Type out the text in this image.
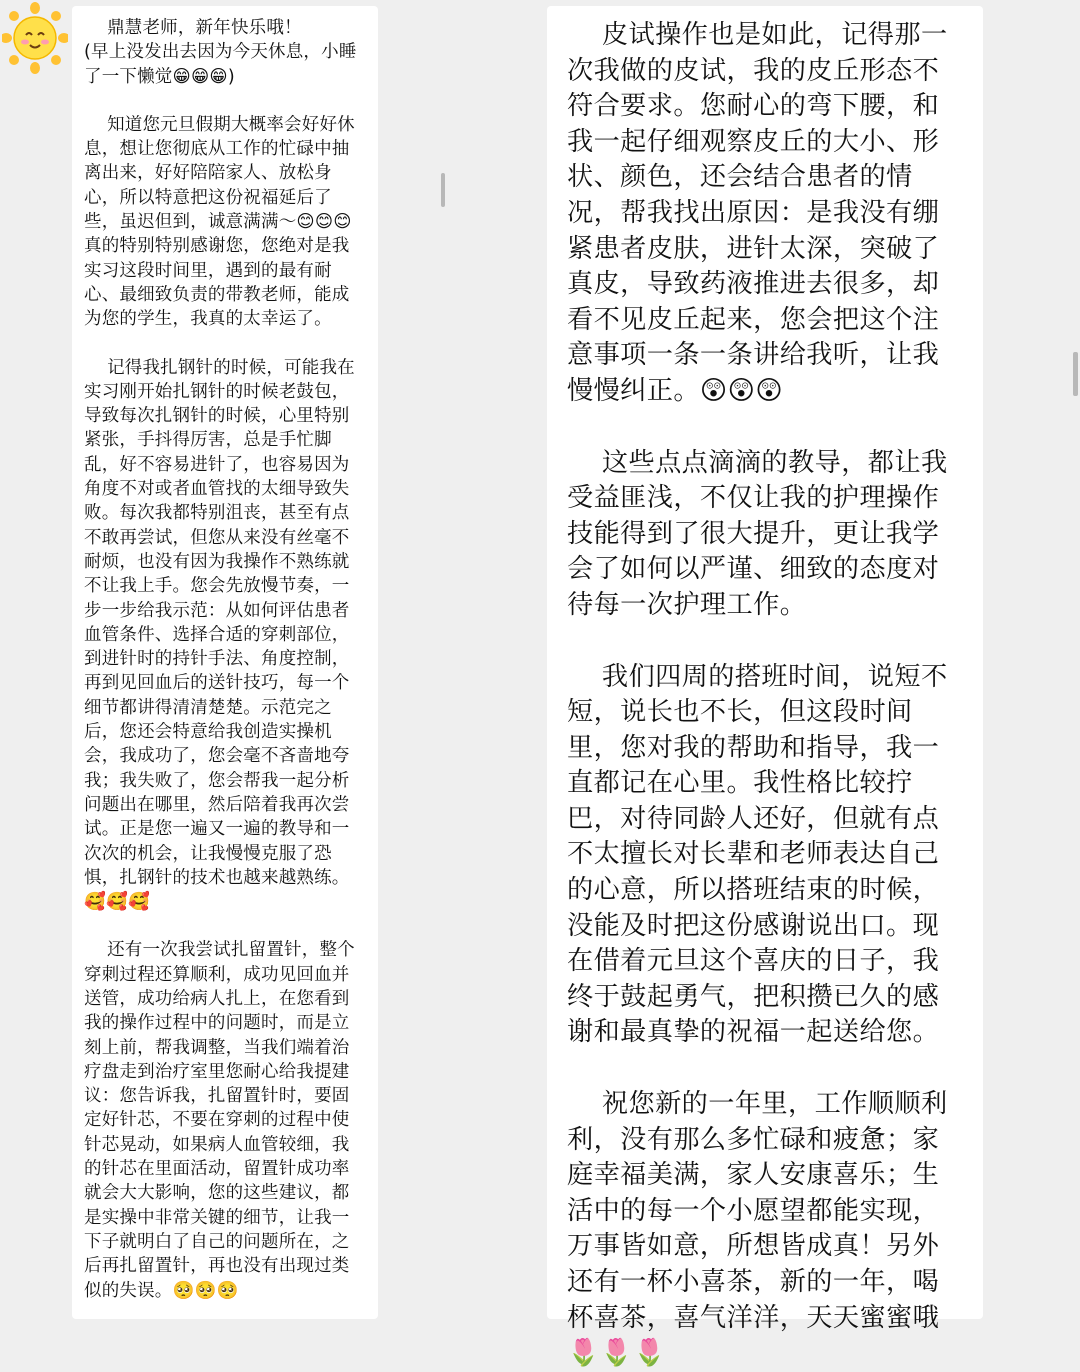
鼎慧老师，新年快乐哦！
(早上没发出去因为今天休息，小睡了一下懒觉😁😁😁)

知道您元旦假期大概率会好好休息，想让您彻底从工作的忙碌中抽离出来，好好陪陪家人、放松身心，所以特意把这份祝福延后了些，虽迟但到，诚意满满～😊😊😊 真的特别特别感谢您，您绝对是我实习这段时间里，遇到的最有耐心、最细致负责的带教老师，能成为您的学生，我真的太幸运了。

记得我扎钢针的时候，可能我在实习刚开始扎钢针的时候老鼓包，导致每次扎钢针的时候，心里特别紧张，手抖得厉害，总是手忙脚乱，好不容易进针了，也容易因为角度不对或者血管找的太细导致失败。每次我都特别沮丧，甚至有点不敢再尝试，但您从来没有丝毫不耐烦，也没有因为我操作不熟练就不让我上手。您会先放慢节奏，一步一步给我示范：从如何评估患者血管条件、选择合适的穿刺部位，到进针时的持针手法、角度控制，再到见回血后的送针技巧，每一个细节都讲得清清楚楚。示范完之后，您还会特意给我创造实操机会，我成功了，您会毫不吝啬地夸我；我失败了，您会帮我一起分析问题出在哪里，然后陪着我再次尝试。正是您一遍又一遍的教导和一次次的机会，让我慢慢克服了恐惧，扎钢针的技术也越来越熟练。🥰🥰🥰

还有一次我尝试扎留置针，整个穿刺过程还算顺利，成功见回血并送管，成功给病人扎上，在您看到我的操作过程中的问题时，而是立刻上前，帮我调整，当我们端着治疗盘走到治疗室里您耐心给我提建议：您告诉我，扎留置针时，要固定好针芯，不要在穿刺的过程中使针芯晃动，如果病人血管较细，我的针芯在里面活动，留置针成功率就会大大影响，您的这些建议，都是实操中非常关键的细节，让我一下子就明白了自己的问题所在，之后再扎留置针，再也没有出现过类似的失误。🥺🥺🥺

皮试操作也是如此，记得那一次我做的皮试，我的皮丘形态不符合要求。您耐心的弯下腰，和我一起仔细观察皮丘的大小、形状、颜色，还会结合患者的情况，帮我找出原因：是我没有绷紧患者皮肤，进针太深，突破了真皮，导致药液推进去很多，却看不见皮丘起来，您会把这个注意事项一条一条讲给我听，让我慢慢纠正。😲😲😲

这些点点滴滴的教导，都让我受益匪浅，不仅让我的护理操作技能得到了很大提升，更让我学会了如何以严谨、细致的态度对待每一次护理工作。

我们四周的搭班时间，说短不短，说长也不长，但这段时间里，您对我的帮助和指导，我一直都记在心里。我性格比较拧巴，对待同龄人还好，但就有点不太擅长对长辈和老师表达自己的心意，所以搭班结束的时候，没能及时把这份感谢说出口。现在借着元旦这个喜庆的日子，我终于鼓起勇气，把积攒已久的感谢和最真挚的祝福一起送给您。

祝您新的一年里，工作顺顺利利，没有那么多忙碌和疲惫；家庭幸福美满，家人安康喜乐；生活中的每一个小愿望都能实现，万事皆如意，所想皆成真！另外还有一杯小喜茶，新的一年，喝杯喜茶，喜气洋洋，天天蜜蜜哦🌷🌷🌷
